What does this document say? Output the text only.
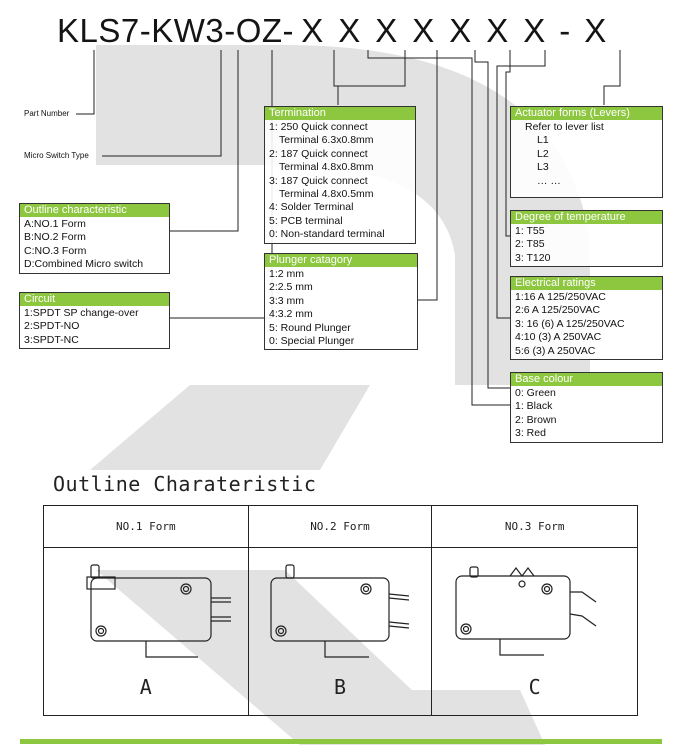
KLS7-KW3-OZ- X X X X X X X - X
Part Number
Micro Switch Type
Termination
1: 250 Quick connect
Terminal 6.3x0.8mm
2: 187 Quick connect
Terminal 4.8x0.8mm
3: 187 Quick connect
Terminal 4.8x0.5mm
4: Solder Terminal
5: PCB terminal
0: Non-standard terminal
Outline characteristic
A:NO.1 Form
B:NO.2 Form
C:NO.3 Form
D:Combined Micro switch
Circuit
1:SPDT SP change-over
2:SPDT-NO
3:SPDT-NC
Plunger catagory
1:2 mm
2:2.5 mm
3:3 mm
4:3.2 mm
5: Round Plunger
0: Special Plunger
Actuator forms (Levers)
Refer to lever list
L1
L2
L3
… …
Degree of temperature
1: T55
2: T85
3: T120
Electrical ratings
1:16 A 125/250VAC
2:6 A 125/250VAC
3: 16 (6) A 125/250VAC
4:10 (3) A 250VAC
5:6 (3) A 250VAC
Base colour
0: Green
1: Black
2: Brown
3: Red
Outline Charateristic
NO.1 Form
A
NO.2 Form
B
NO.3 Form
C
